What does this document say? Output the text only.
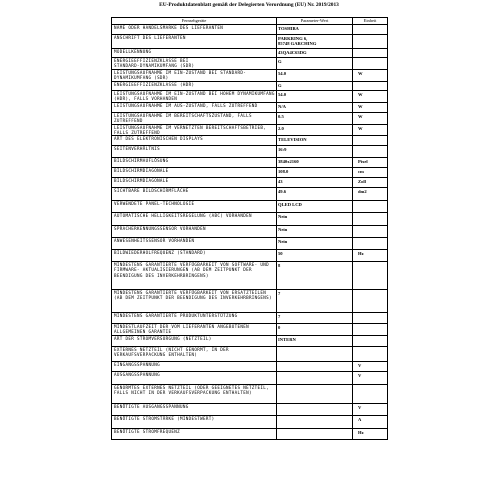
EU-Produktdatenblatt gemäß der Delegierten Verordnung (EU) Nr. 2019/2013
Fernsehgeräte	Parameter-Wert	Einheit
NAME ODER HANDELSMARKE DES LIEFERANTEN	TOSHIBA	
ANSCHRIFT DES LIEFERANTEN	PARKRING 6,
85748 GARCHING	
MODELLKENNUNG	43QA4C63DG	
ENERGIEEFFIZIENZKLASSE BEI
STANDARD-DYNAMIKUMFANG (SDR)	G	
LEISTUNGSAUFNAHME IM EIN-ZUSTAND BEI STANDARD- DYNAMIKUMFANG (SDR)	54.0	W
ENERGIEEFFIZIENZKLASSE (HDR)	G	
LEISTUNGSAUFNAHME IM EIN-ZUSTAND BEI HOHEM DYNAMIKUMFANG (HDR), FALLS VORHANDEN	54.0	W
LEISTUNGSAUFNAHME IM AUS-ZUSTAND, FALLS ZUTREFFEND	N/A	W
LEISTUNGSAUFNAHME IM BEREITSCHAFTSZUSTAND, FALLS ZUTREFFEND	0.5	W
LEISTUNGSAUFNAHME IM VERNETZTEN BEREITSCHAFTSBETRIEB, FALLS ZUTREFFEND	2.0	W
ART DES ELEKTRONISCHEN DISPLAYS	TELEVISION	
SEITENVERHÄLTNIS	16:9	
BILDSCHIRMAUFLÖSUNG	3840x2160	Pixel
BILDSCHIRMDIAGONALE	108.0	cm
BILDSCHIRMDIAGONALE	43	Zoll
SICHTBARE BILDSCHIRMFLÄCHE	49.6	dm2
VERWENDETE PANEL-TECHNOLOGIE	QLED LCD	
AUTOMATISCHE HELLIGKEITSREGELUNG (ABC) VORHANDEN	Nein	
SPRACHERKENNUNGSSENSOR VORHANDEN	Nein	
ANWESENHEITSSENSOR VORHANDEN	Nein	
BILDWIEDERHOLFREQUENZ (STANDARD)	50	Hz
MINDESTENS GARANTIERTE VERFÜGBARKEIT VON SOFTWARE- UND FIRMWARE- AKTUALISIERUNGEN (AB DEM ZEITPUNKT DER BEENDIGUNG DES INVERKEHRBRINGENS)	8	
MINDESTENS GARANTIERTE VERFÜGBARKEIT VON ERSATZTEILEN (AB DEM ZEITPUNKT DER BEENDIGUNG DES INVERKEHRBRINGENS)	7	
MINDESTENS GARANTIERTE PRODUKTUNTERSTÜTZUNG	7	
MINDESTLAUFZEIT DER VOM LIEFERANTEN ANGEBOTENEN ALLGEMEINEN GARANTIE	0	
ART DER STROMVERSORGUNG (NETZTEIL)	INTERN	
EXTERNES NETZTEIL (NICHT GENORMT, IN DER VERKAUFSVERPACKUNG ENTHALTEN)		
EINGANGSSPANNUNG		V
AUSGANGSSPANNUNG		V
GENORMTES EXTERNES NETZTEIL (ODER GEEIGNETES NETZTEIL, FALLS NICHT IN DER VERKAUFSVERPACKUNG ENTHALTEN)		
BENÖTIGTE AUSGANGSSPANNUNG		V
BENÖTIGTE STROMSTÄRKE (MINDESTWERT)		A
BENÖTIGTE STROMFREQUENZ		Hz
